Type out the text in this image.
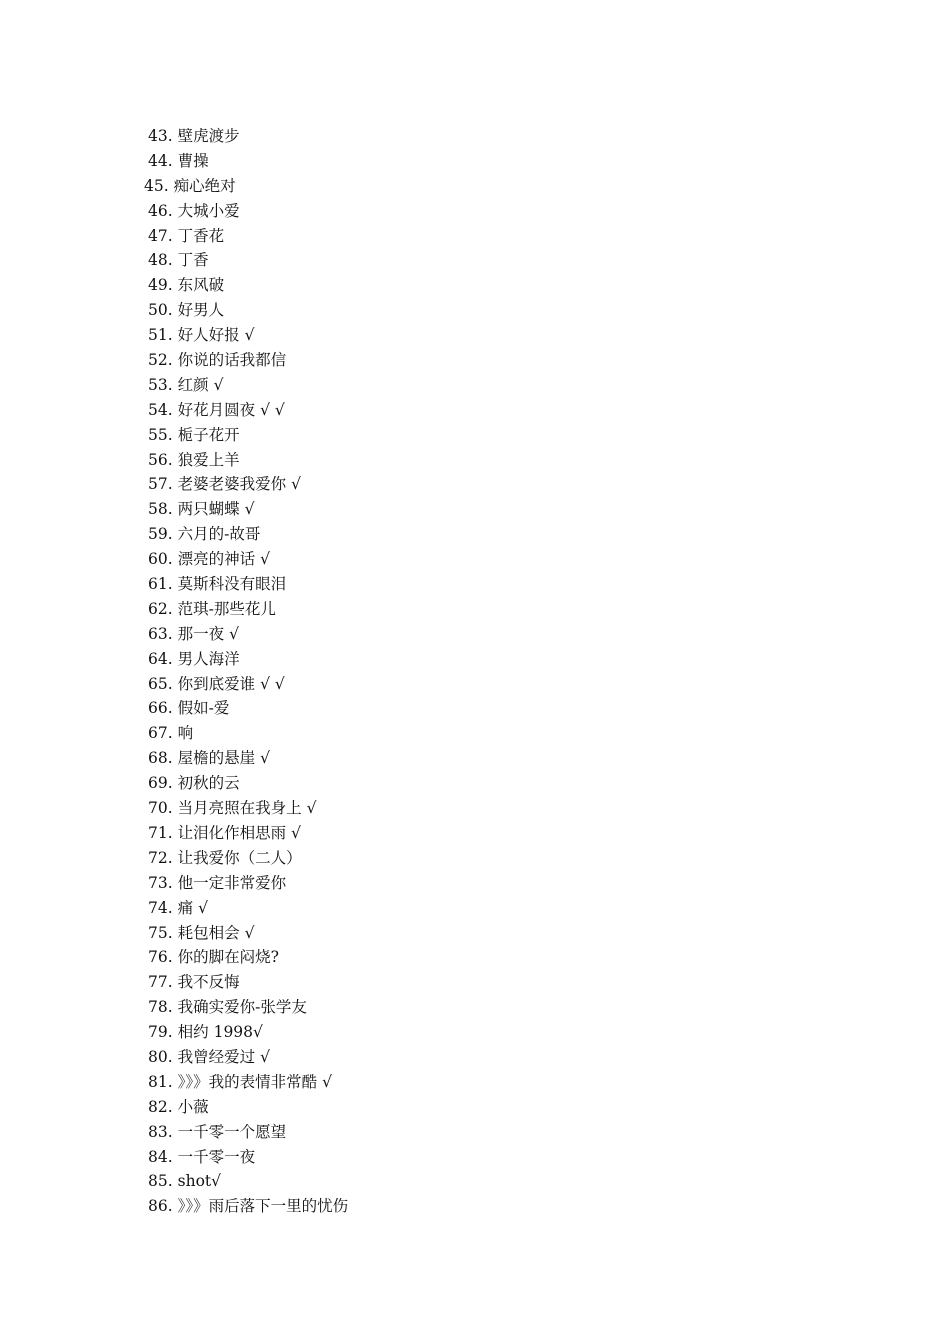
43. 壁虎渡步
44. 曹操
45. 痴心绝对
46. 大城小爱
47. 丁香花
48. 丁香
49. 东风破
50. 好男人
51. 好人好报 √
52. 你说的话我都信
53. 红颜 √
54. 好花月圆夜 √ √
55. 栀子花开
56. 狼爱上羊
57. 老婆老婆我爱你 √
58. 两只蝴蝶 √
59. 六月的-故哥
60. 漂亮的神话 √
61. 莫斯科没有眼泪
62. 范琪-那些花儿
63. 那一夜 √
64. 男人海洋
65. 你到底爱谁 √ √
66. 假如-爱
67. 响
68. 屋檐的悬崖 √
69. 初秋的云
70. 当月亮照在我身上 √
71. 让泪化作相思雨 √
72. 让我爱你（二人）
73. 他一定非常爱你
74. 痛 √
75. 耗包相会 √
76. 你的脚在闷烧?
77. 我不反悔
78. 我确实爱你-张学友
79. 相约 1998√
80. 我曾经爱过 √
81. 》》》我的表情非常酷 √
82. 小薇
83. 一千零一个愿望
84. 一千零一夜
85. shot√
86. 》》》雨后落下一里的忧伤
